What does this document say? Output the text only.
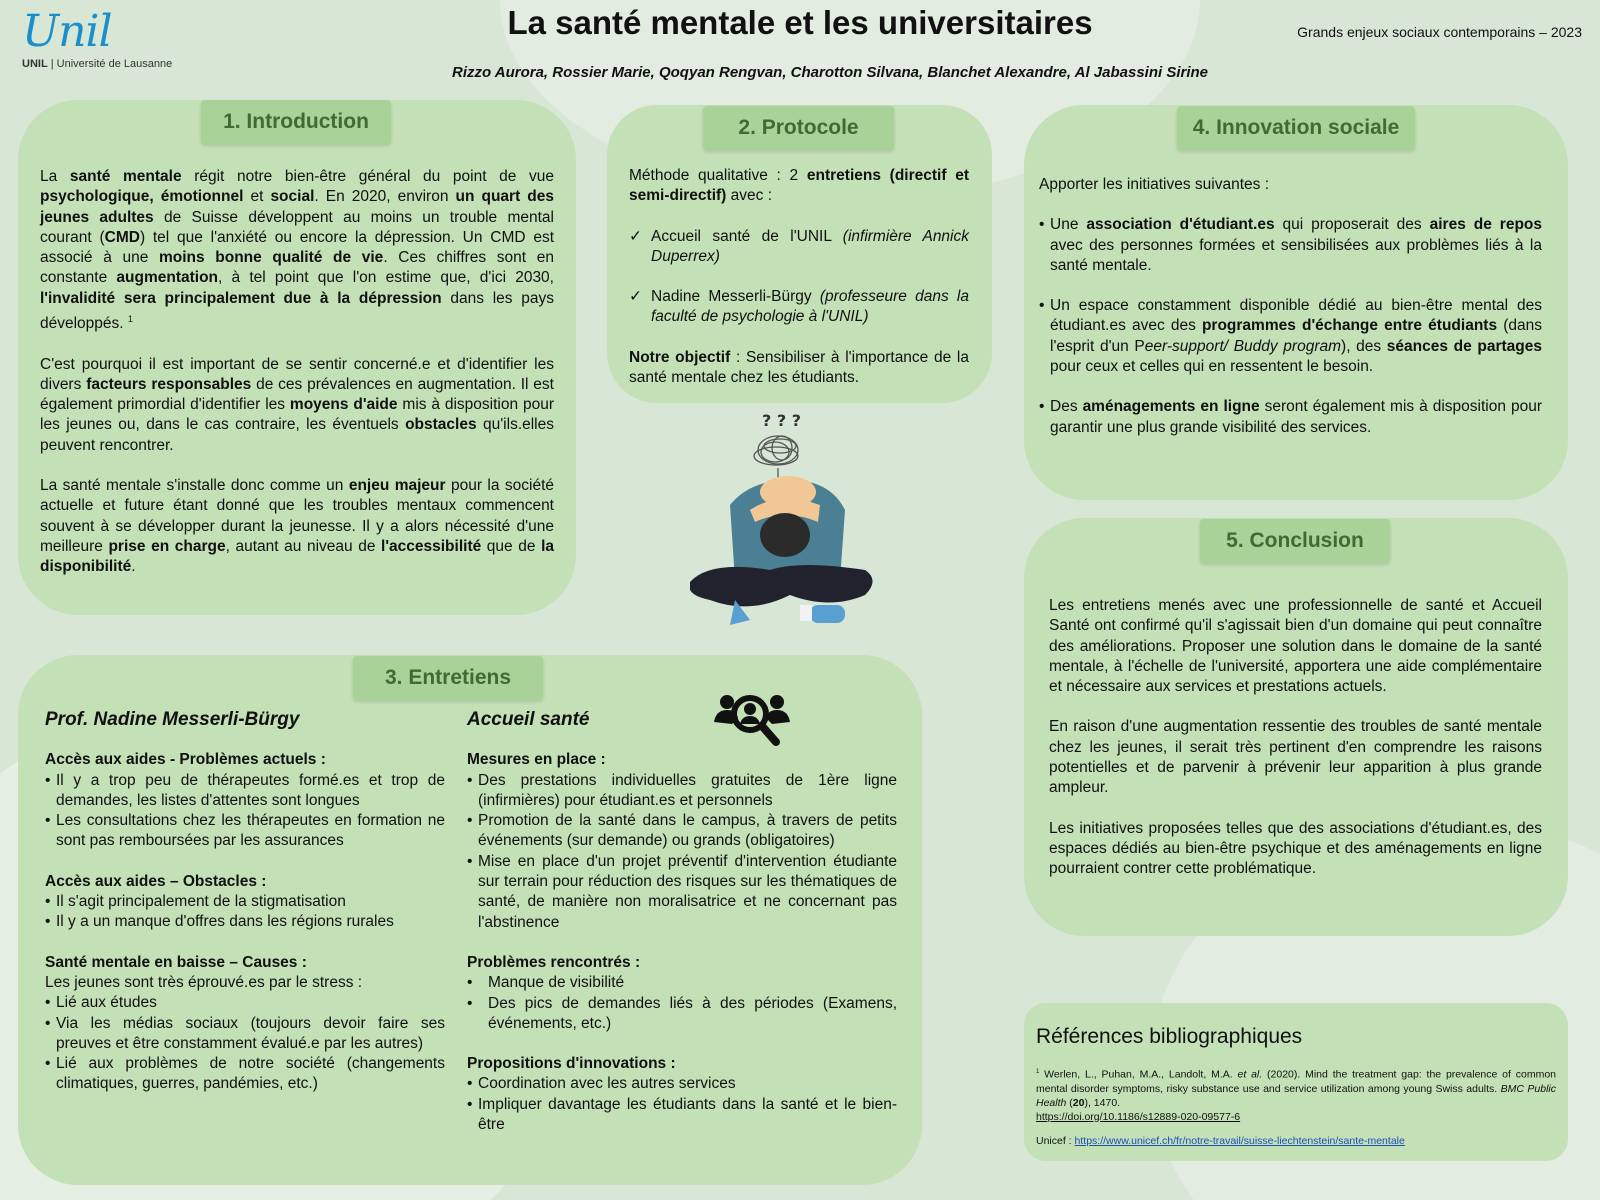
Unil
UNIL | Université de Lausanne
La santé mentale et les universitaires	Grands enjeux sociaux contemporains – 2023
Rizzo Aurora, Rossier Marie, Qoqyan Rengvan, Charotton Silvana, Blanchet Alexandre, Al Jabassini Sirine
1. Introduction

La santé mentale régit notre bien-être général du point de vue psychologique, émotionnel et social. En 2020, environ un quart des jeunes adultes de Suisse développent au moins un trouble mental courant (CMD) tel que l'anxiété ou encore la dépression. Un CMD est associé à une moins bonne qualité de vie. Ces chiffres sont en constante augmentation, à tel point que l'on estime que, d'ici 2030, l'invalidité sera principalement due à la dépression dans les pays développés. $^1$

C'est pourquoi il est important de se sentir concerné.e et d'identifier les divers facteurs responsables de ces prévalences en augmentation. Il est également primordial d'identifier les moyens d'aide mis à disposition pour les jeunes ou, dans le cas contraire, les éventuels obstacles qu'ils.elles peuvent rencontrer.

La santé mentale s'installe donc comme un enjeu majeur pour la société actuelle et future étant donné que les troubles mentaux commencent souvent à se développer durant la jeunesse. Il y a alors nécessité d'une meilleure prise en charge, autant au niveau de l'accessibilité que de la disponibilité.

2. Protocole

Méthode qualitative : 2 entretiens (directif et semi-directif) avec :

✓ Accueil santé de l'UNIL (infirmière Annick Duperrex)
✓ Nadine Messerli-Bürgy (professeure dans la faculté de psychologie à l'UNIL)

Notre objectif : Sensibiliser à l'importance de la santé mentale chez les étudiants.

? ? ?
4. Innovation sociale

Apporter les initiatives suivantes :

• Une association d'étudiant.es qui proposerait des aires de repos avec des personnes formées et sensibilisées aux problèmes liés à la santé mentale.
• Un espace constamment disponible dédié au bien-être mental des étudiant.es avec des programmes d'échange entre étudiants (dans l'esprit d'un Peer-support/ Buddy program), des séances de partages pour ceux et celles qui en ressentent le besoin.
• Des aménagements en ligne seront également mis à disposition pour garantir une plus grande visibilité des services.
5. Conclusion

Les entretiens menés avec une professionnelle de santé et Accueil Santé ont confirmé qu'il s'agissait bien d'un domaine qui peut connaître des améliorations. Proposer une solution dans le domaine de la santé mentale, à l'échelle de l'université, apportera une aide complémentaire et nécessaire aux services et prestations actuels.

En raison d'une augmentation ressentie des troubles de santé mentale chez les jeunes, il serait très pertinent d'en comprendre les raisons potentielles et de parvenir à prévenir leur apparition à plus grande ampleur.

Les initiatives proposées telles que des associations d'étudiant.es, des espaces dédiés au bien-être psychique et des aménagements en ligne pourraient contrer cette problématique.

3. Entretiens
Prof. Nadine Messerli-Bürgy
Accès aux aides - Problèmes actuels :
• Il y a trop peu de thérapeutes formé.es et trop de demandes, les listes d'attentes sont longues
• Les consultations chez les thérapeutes en formation ne sont pas remboursées par les assurances
Accès aux aides – Obstacles :
• Il s'agit principalement de la stigmatisation
• Il y a un manque d'offres dans les régions rurales
Santé mentale en baisse – Causes :
Les jeunes sont très éprouvé.es par le stress :
• Lié aux études
• Via les médias sociaux (toujours devoir faire ses preuves et être constamment évalué.e par les autres)
• Lié aux problèmes de notre société (changements climatiques, guerres, pandémies, etc.)
Accueil santé
Mesures en place :
• Des prestations individuelles gratuites de 1ère ligne (infirmières) pour étudiant.es et personnels
• Promotion de la santé dans le campus, à travers de petits événements (sur demande) ou grands (obligatoires)
• Mise en place d'un projet préventif d'intervention étudiante sur terrain pour réduction des risques sur les thématiques de santé, de manière non moralisatrice et ne concernant pas l'abstinence
Problèmes rencontrés :
•	Manque de visibilité
•	Des pics de demandes liés à des périodes (Examens, événements, etc.)
Propositions d'innovations :
• Coordination avec les autres services
• Impliquer davantage les étudiants dans la santé et le bien-être
Références bibliographiques
$^1$ Werlen, L., Puhan, M.A., Landolt, M.A. et al. (2020). Mind the treatment gap: the prevalence of common mental disorder symptoms, risky substance use and service utilization among young Swiss adults. BMC Public Health (20), 1470.
https://doi.org/10.1186/s12889-020-09577-6
Unicef : https://www.unicef.ch/fr/notre-travail/suisse-liechtenstein/sante-mentale
